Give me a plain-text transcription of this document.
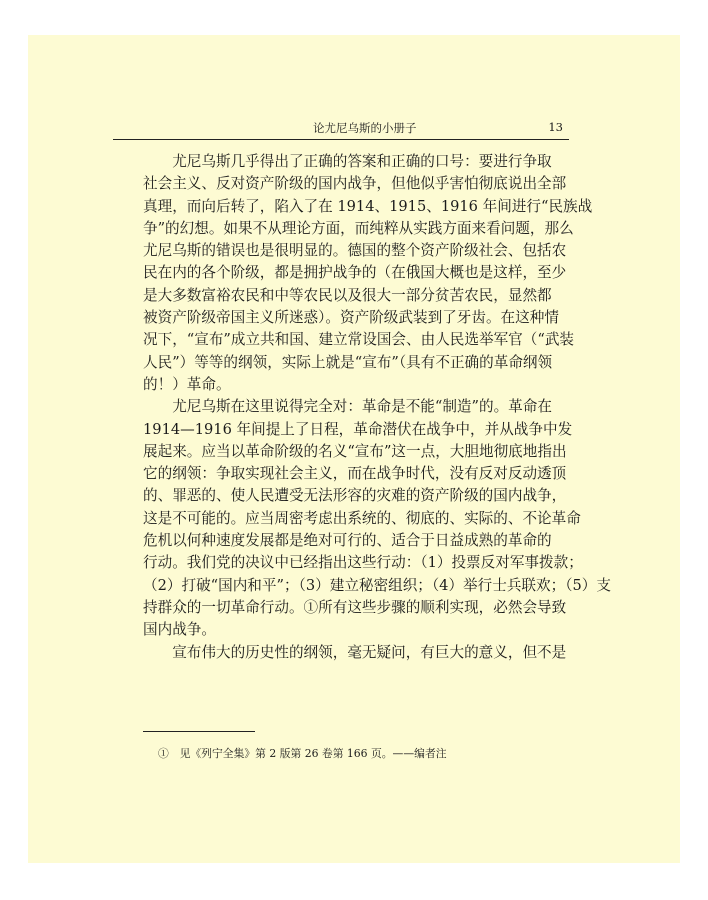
论尤尼乌斯的小册子	13
　　尤尼乌斯几乎得出了正确的答案和正确的口号：要进行争取
社会主义、反对资产阶级的国内战争，但他似乎害怕彻底说出全部
真理，而向后转了，陷入了在 1914、1915、1916 年间进行“民族战
争”的幻想。如果不从理论方面，而纯粹从实践方面来看问题，那么
尤尼乌斯的错误也是很明显的。德国的整个资产阶级社会、包括农
民在内的各个阶级，都是拥护战争的（在俄国大概也是这样，至少
是大多数富裕农民和中等农民以及很大一部分贫苦农民，显然都
被资产阶级帝国主义所迷惑）。资产阶级武装到了牙齿。在这种情
况下，“宣布”成立共和国、建立常设国会、由人民选举军官（“武装
人民”）等等的纲领，实际上就是“宣布”（具有不正确的革命纲领
的！）革命。
　　尤尼乌斯在这里说得完全对：革命是不能“制造”的。革命在
1914—1916 年间提上了日程，革命潜伏在战争中，并从战争中发
展起来。应当以革命阶级的名义“宣布”这一点，大胆地彻底地指出
它的纲领：争取实现社会主义，而在战争时代，没有反对反动透顶
的、罪恶的、使人民遭受无法形容的灾难的资产阶级的国内战争，
这是不可能的。应当周密考虑出系统的、彻底的、实际的、不论革命
危机以何种速度发展都是绝对可行的、适合于日益成熟的革命的
行动。我们党的决议中已经指出这些行动：（1）投票反对军事拨款；
（2）打破“国内和平”；（3）建立秘密组织；（4）举行士兵联欢；（5）支
持群众的一切革命行动。①所有这些步骤的顺利实现，必然会导致
国内战争。
　　宣布伟大的历史性的纲领，毫无疑问，有巨大的意义，但不是
①　见《列宁全集》第 2 版第 26 卷第 166 页。——编者注
